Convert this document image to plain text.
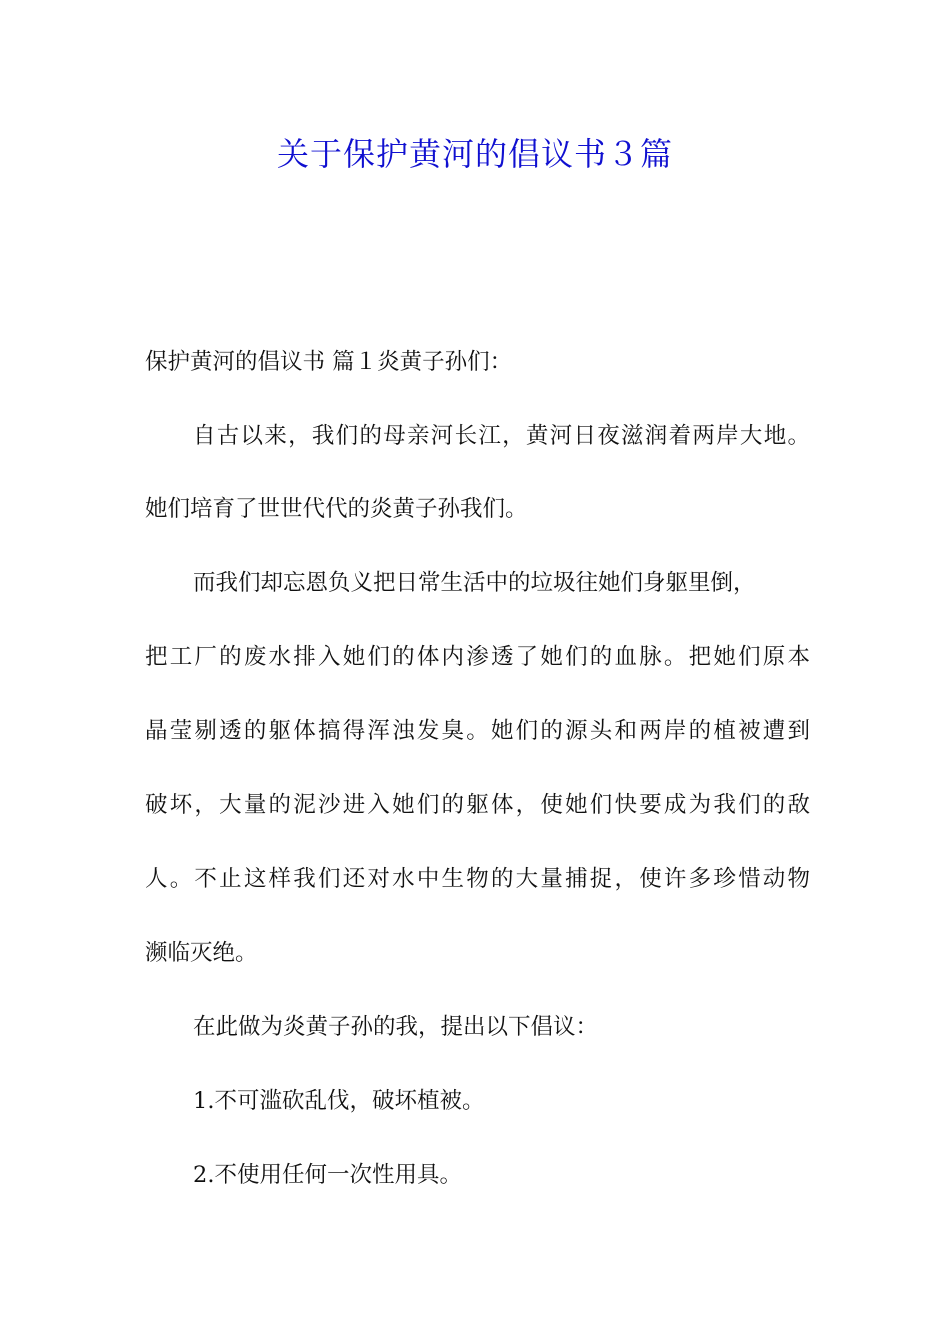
关于保护黄河的倡议书３篇

保护黄河的倡议书 篇１炎黄子孙们：

自古以来，我们的母亲河长江，黄河日夜滋润着两岸大地。

她们培育了世世代代的炎黄子孙我们。

而我们却忘恩负义把日常生活中的垃圾往她们身躯里倒，

把工厂的废水排入她们的体内渗透了她们的血脉。把她们原本

晶莹剔透的躯体搞得浑浊发臭。她们的源头和两岸的植被遭到

破坏，大量的泥沙进入她们的躯体，使她们快要成为我们的敌

人。不止这样我们还对水中生物的大量捕捉，使许多珍惜动物

濒临灭绝。

在此做为炎黄子孙的我，提出以下倡议：

1.不可滥砍乱伐，破坏植被。

2.不使用任何一次性用具。
